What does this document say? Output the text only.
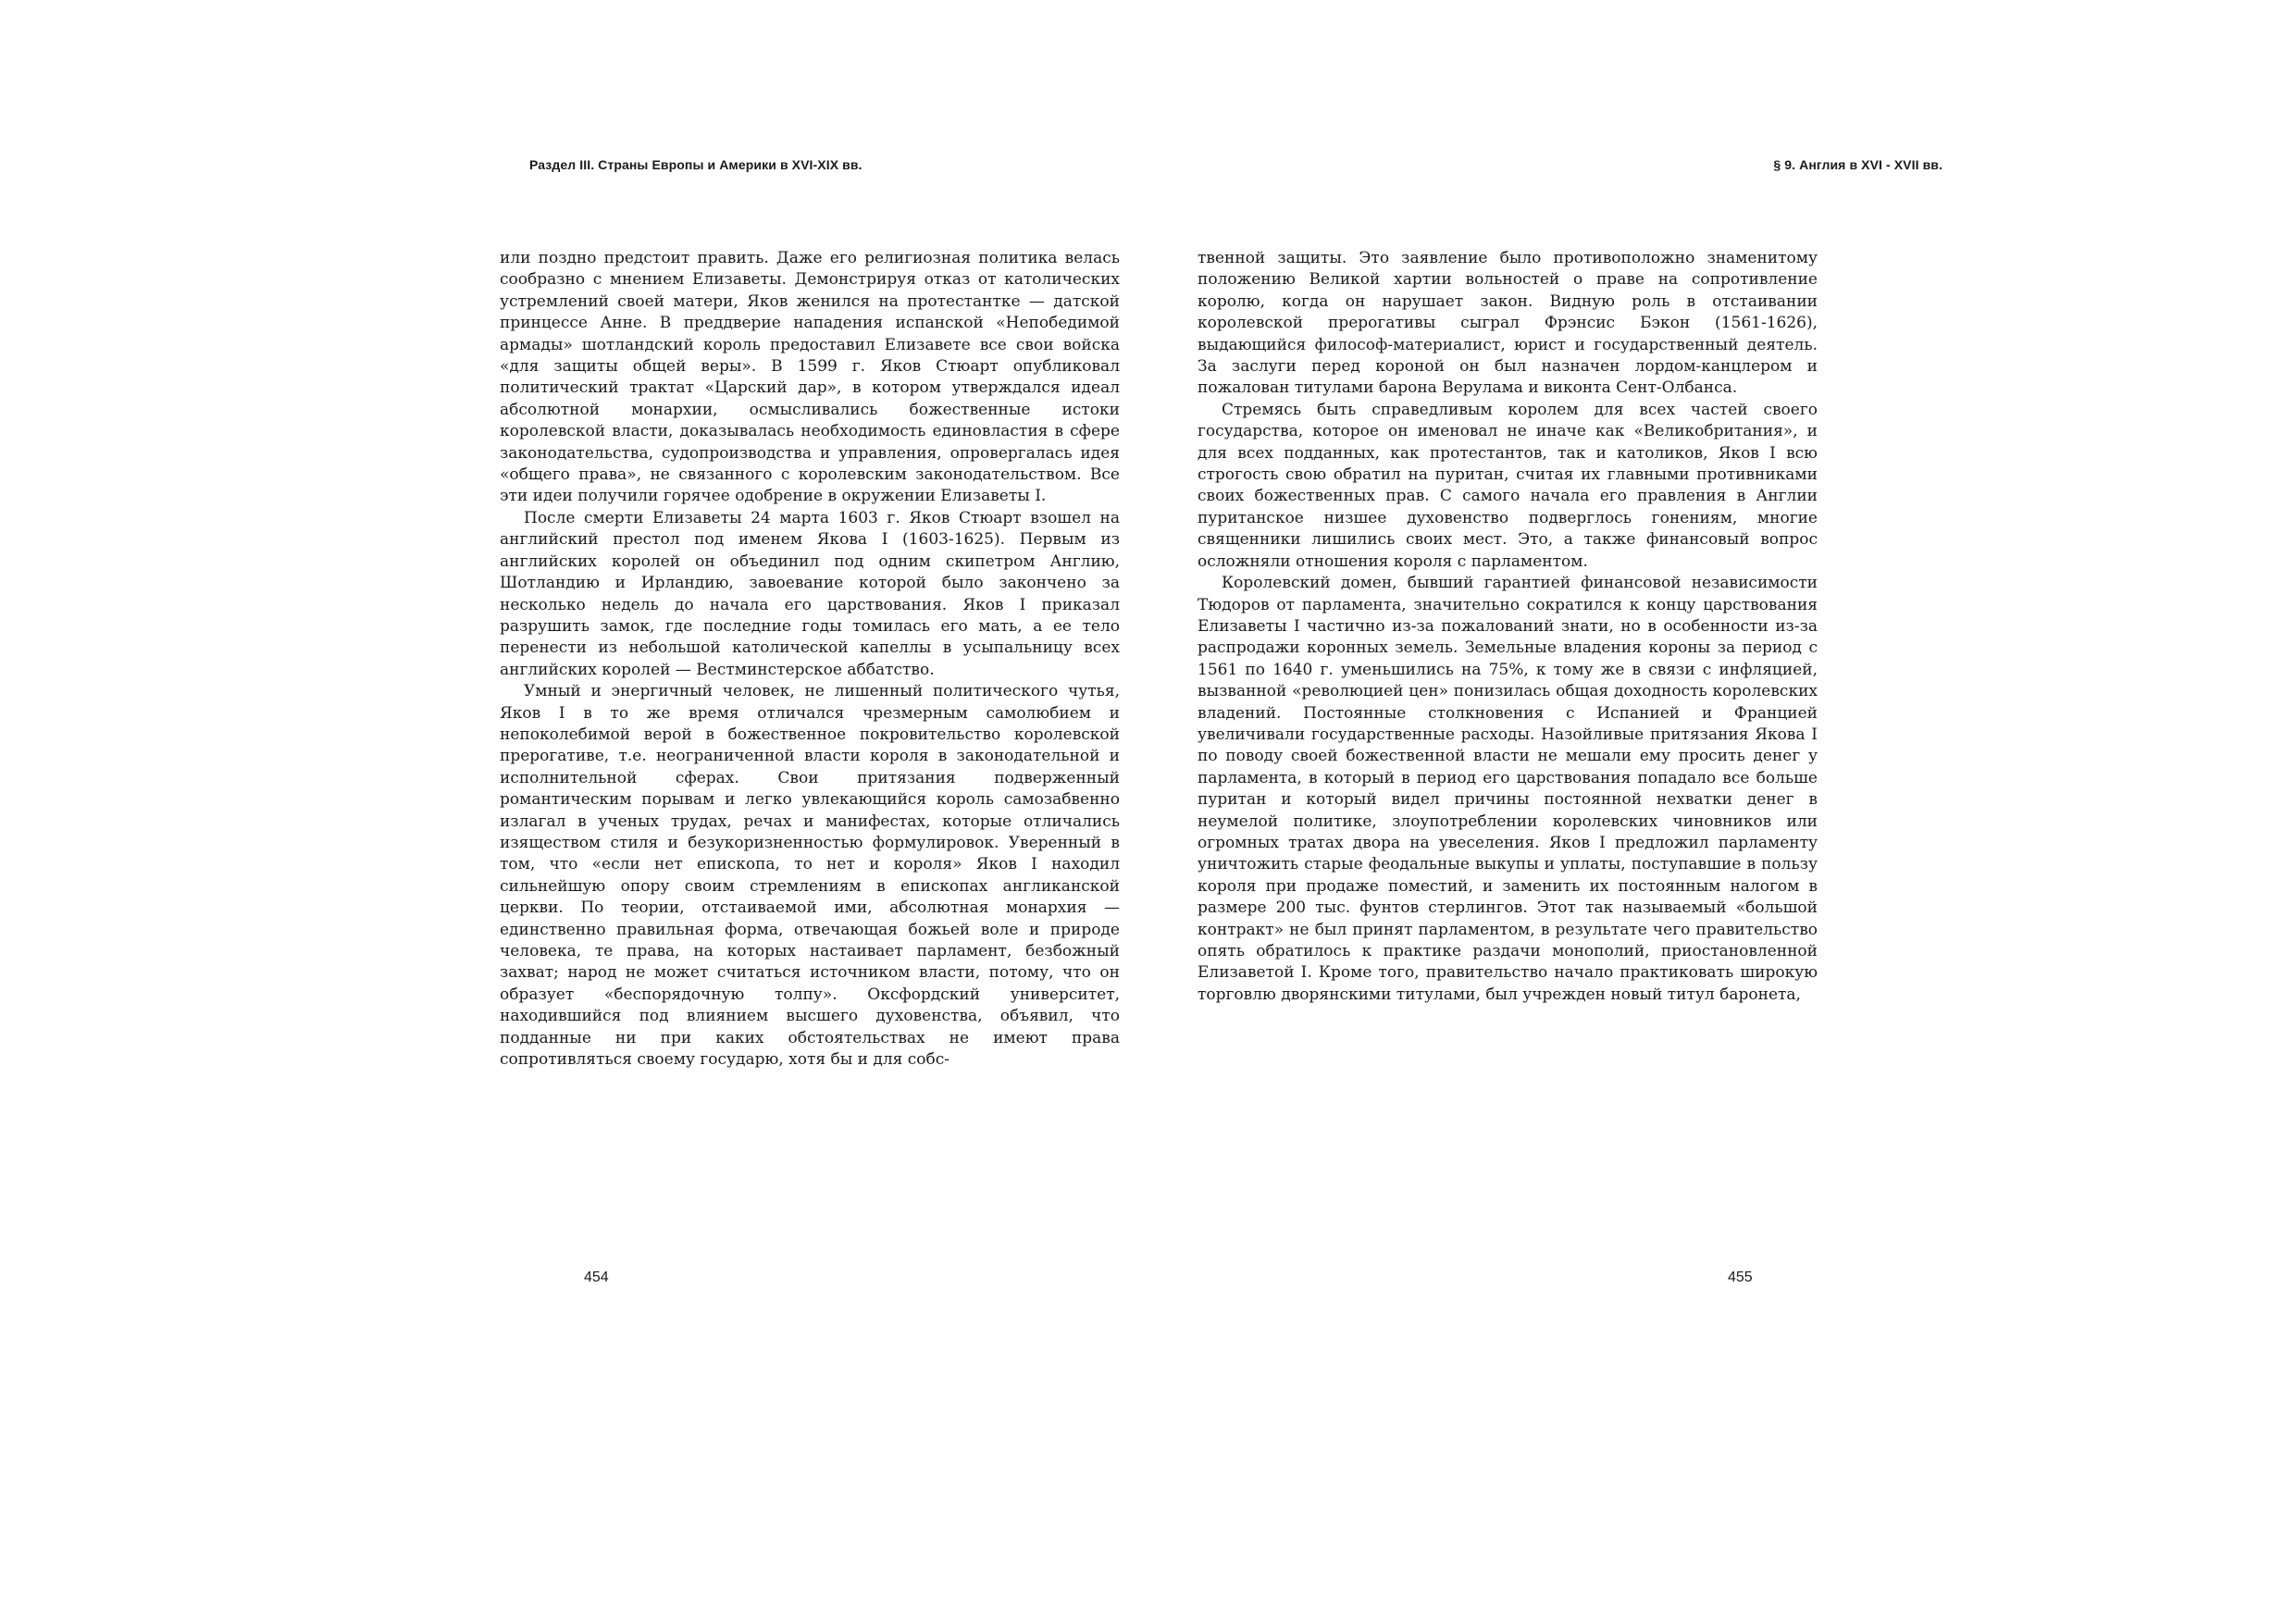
Раздел III. Страны Европы и Америки в XVI-XIX вв.

или поздно предстоит править. Даже его религиозная политика велась сообразно с мнением Елизаветы. Демонстрируя отказ от католических устремлений своей матери, Яков женился на протестантке — датской принцессе Анне. В преддверие нападения испанской «Непобедимой армады» шотландский король предоставил Елизавете все свои войска «для защиты общей веры». В 1599 г. Яков Стюарт опубликовал политический трактат «Царский дар», в котором утверждался идеал абсолютной монархии, осмысливались божественные истоки королевской власти, доказывалась необходимость единовластия в сфере законодательства, судопроизводства и управления, опровергалась идея «общего права», не связанного с королевским законодательством. Все эти идеи получили горячее одобрение в окружении Елизаветы I.

После смерти Елизаветы 24 марта 1603 г. Яков Стюарт взошел на английский престол под именем Якова I (1603-1625). Первым из английских королей он объединил под одним скипетром Англию, Шотландию и Ирландию, завоевание которой было закончено за несколько недель до начала его царствования. Яков I приказал разрушить замок, где последние годы томилась его мать, а ее тело перенести из небольшой католической капеллы в усыпальницу всех английских королей — Вестминстерское аббатство.

Умный и энергичный человек, не лишенный политического чутья, Яков I в то же время отличался чрезмерным самолюбием и непоколебимой верой в божественное покровительство королевской прерогативе, т.е. неограниченной власти короля в законодательной и исполнительной сферах. Свои притязания подверженный романтическим порывам и легко увлекающийся король самозабвенно излагал в ученых трудах, речах и манифестах, которые отличались изяществом стиля и безукоризненностью формулировок. Уверенный в том, что «если нет епископа, то нет и короля» Яков I находил сильнейшую опору своим стремлениям в епископах англиканской церкви. По теории, отстаиваемой ими, абсолютная монархия — единственно правильная форма, отвечающая божьей воле и природе человека, те права, на которых настаивает парламент, безбожный захват; народ не может считаться источником власти, потому, что он образует «беспорядочную толпу». Оксфордский университет, находившийся под влиянием высшего духовенства, объявил, что подданные ни при каких обстоятельствах не имеют права сопротивляться своему государю, хотя бы и для собс-

454
§ 9. Англия в XVI - XVII вв.

твенной защиты. Это заявление было противоположно знаменитому положению Великой хартии вольностей о праве на сопротивление королю, когда он нарушает закон. Видную роль в отстаивании королевской прерогативы сыграл Фрэнсис Бэкон (1561-1626), выдающийся философ-материалист, юрист и государственный деятель. За заслуги перед короной он был назначен лордом-канцлером и пожалован титулами барона Верулама и виконта Сент-Олбанса.

Стремясь быть справедливым королем для всех частей своего государства, которое он именовал не иначе как «Великобритания», и для всех подданных, как протестантов, так и католиков, Яков I всю строгость свою обратил на пуритан, считая их главными противниками своих божественных прав. С самого начала его правления в Англии пуританское низшее духовенство подверглось гонениям, многие священники лишились своих мест. Это, а также финансовый вопрос осложняли отношения короля с парламентом.

Королевский домен, бывший гарантией финансовой независимости Тюдоров от парламента, значительно сократился к концу царствования Елизаветы I частично из-за пожалований знати, но в особенности из-за распродажи коронных земель. Земельные владения короны за период с 1561 по 1640 г. уменьшились на 75%, к тому же в связи с инфляцией, вызванной «революцией цен» понизилась общая доходность королевских владений. Постоянные столкновения с Испанией и Францией увеличивали государственные расходы. Назойливые притязания Якова I по поводу своей божественной власти не мешали ему просить денег у парламента, в который в период его царствования попадало все больше пуритан и который видел причины постоянной нехватки денег в неумелой политике, злоупотреблении королевских чиновников или огромных тратах двора на увеселения. Яков I предложил парламенту уничтожить старые феодальные выкупы и уплаты, поступавшие в пользу короля при продаже поместий, и заменить их постоянным налогом в размере 200 тыс. фунтов стерлингов. Этот так называемый «большой контракт» не был принят парламентом, в результате чего правительство опять обратилось к практике раздачи монополий, приостановленной Елизаветой I. Кроме того, правительство начало практиковать широкую торговлю дворянскими титулами, был учрежден новый титул баронета,

455
